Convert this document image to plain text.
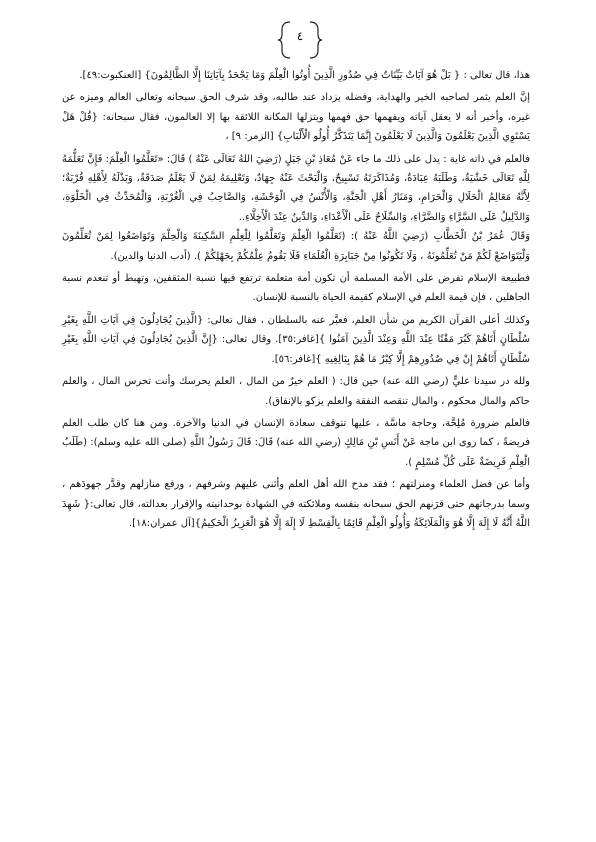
٤

هذا، قال تعالى : { بَلْ هُوَ آيَاتٌ بَيِّنَاتٌ فِي صُدُورِ الَّذِينَ أُوتُوا الْعِلْمَ وَمَا يَجْحَدُ بِآيَاتِنَا إِلَّا الظَّالِمُونَ} [العنكبوت:٤٩].

إنَّ العلم يثمر لصاحبه الخير والهداية، وفضله يزداد عند طالبه، وقد شرف الحق سبحانه وتعالى العالم وميزه عن غيره، وأخبر أنه لا يعقل آياته ويفهمها حق فهمها ويتزلها المكانة اللائقة بها إلا العالمون، فقال سبحانه: {قُلْ هَلْ يَسْتَوِي الَّذِينَ يَعْلَمُونَ وَالَّذِينَ لَا يَعْلَمُونَ إِنَّمَا يَتَذَكَّرُ أُولُو الْأَلْبَابِ} [الزمر: ٩] ،

فالعلم في ذاته غاية : يدل على ذلك ما جاء عَنْ مُعَاذِ بْنِ جَبَلٍ (رَضِيَ اللهُ تَعَالَى عَنْهُ ) قَالَ: «تَعَلَّمُوا الْعِلْمَ: فَإِنَّ تَعَلُّمَهُ لِلَّهِ تَعَالَى خَشْيَةٌ، وَطَلَبَهُ عِبَادَةٌ، وَمُذَاكَرَتَهُ تَسْبِيحٌ، وَالْبَحْثَ عَنْهُ جِهَادٌ، وَتَعْلِيمَهُ لِمَنْ لَا يَعْلَمُ صَدَقَةٌ، وَبَذْلَهُ لِأَهْلِهِ قُرْبَةٌ؛ لِأَنَّهُ مَعَالِمُ الْحَلَالِ وَالْحَرَامِ، وَمَنَارُ أَهْلِ الْجَنَّةِ، وَالْأُنْسُ فِي الْوَحْشَةِ، وَالصَّاحِبُ فِي الْغُرْبَةِ، وَالْمُحَدِّثُ فِي الْخَلْوَةِ، وَالدَّلِيلُ عَلَى السَّرَّاءِ وَالضَّرَّاءِ، وَالسِّلَاحُ عَلَى الْأَعْدَاءِ، وَالدِّينُ عِنْدَ الْأَخِلَّاءِ..

وَقَالَ عُمَرُ بْنُ الْخَطَّابِ (رَضِيَ اللَّهُ عَنْهُ ): (تَعَلَّمُوا الْعِلْمَ وَتَعَلَّمُوا لِلْعِلْمِ السَّكِينَةَ وَالْحِلْمَ وَتَوَاضَعُوا لِمَنْ تُعَلِّمُونَ وَلْيَتَوَاضَعْ لَكُمْ مَنْ تُعَلِّمُونَهُ ، وَلَا تَكُونُوا مِنْ جَبَابِرَةِ الْعُلَمَاءِ فَلَا يَقُومُ عِلْمُكُمْ بِجَهْلِكُمْ ). (أدب الدنيا والدين).

فطبيعة الإسلام تفرض على الأمة المسلمة أن تكون أمة متعلمة ترتفع فيها نسبة المثقفين، وتهبط أو تنعدم نسبة الجاهلين ، فإن قيمة العلم في الإسلام كقيمة الحياة بالنسبة للإنسان.

وكذلك أعلى القرآن الكريم من شأن العلم، فعبَّر عنه بالسلطان ، فقال تعالى: {الَّذِينَ يُجَادِلُونَ فِي آيَاتِ اللَّهِ بِغَيْرِ سُلْطَانٍ أَتَاهُمْ كَبُرَ مَقْتًا عِنْدَ اللَّهِ وَعِنْدَ الَّذِينَ آمَنُوا }[غافر:٣٥]. وقال تعالى: {إِنَّ الَّذِينَ يُجَادِلُونَ فِي آيَاتِ اللَّهِ بِغَيْرِ سُلْطَانٍ أَتَاهُمْ إِنْ فِي صُدُورِهِمْ إِلَّا كِبْرٌ مَا هُمْ بِبَالِغِيهِ }[غافر:٥٦].

ولله در سيدنا عليٍّ (رضي الله عنه) حين قال: ( العلم خيرٌ من المال ، العلم يحرسك وأنت تحرس المال ، والعلم حاكم والمال محكوم ، والمال تنقصه النفقة والعلم يزكو بالإنفاق).

فالعلم ضرورة مُلِحَّة، وحاجة ماسَّة ، عليها تتوقف سعادة الإنسان في الدنيا والآخرة. ومن هنا كان طلب العلم فريضةً ، كما روى ابن ماجة عَنْ أَنَسِ بْنِ مَالِكٍ (رضي الله عنه) قَالَ: قَالَ رَسُولُ اللَّهِ (صلى الله عليه وسلم): (طَلَبُ الْعِلْمِ فَرِيضَةٌ عَلَى كُلِّ مُسْلِمٍ ).

وأما عن فضل العلماء ومنزلتهم ؛ فقد مدح الله أهل العلم وأثنى عليهم وشرفهم ، ورفع منازلهم وقدَّر جهودَهم ، وسما بدرجاتهم حتى قرَنهم الحق سبحانه بنفسه وملائكته في الشهادة بوحدانيته والإقرار بعدالته، قال تعالى:{ شَهِدَ اللَّهُ أَنَّهُ لَا إِلَهَ إِلَّا هُوَ وَالْمَلَائِكَةُ وَأُولُو الْعِلْمِ قَائِمًا بِالْقِسْطِ لَا إِلَهَ إِلَّا هُوَ الْعَزِيزُ الْحَكِيمُ}[آل عمران:١٨].
